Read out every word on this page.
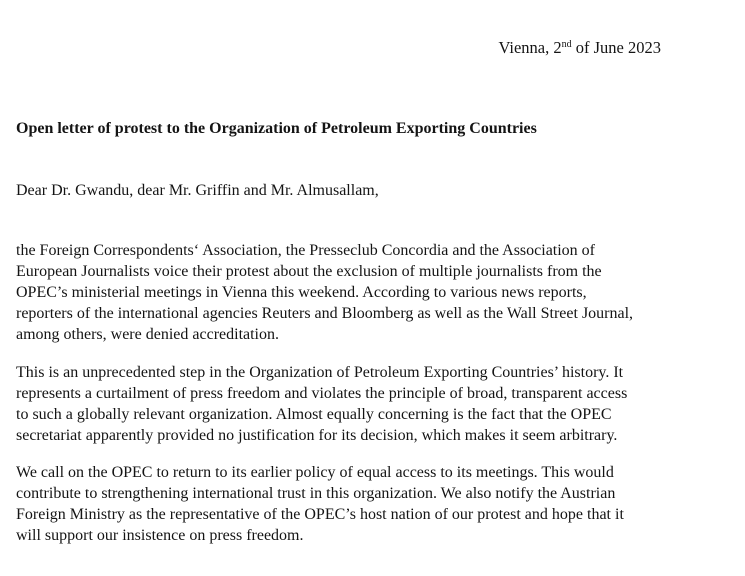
Vienna, 2nd of June 2023
Open letter of protest to the Organization of Petroleum Exporting Countries
Dear Dr. Gwandu, dear Mr. Griffin and Mr. Almusallam,

the Foreign Correspondents‘ Association, the Presseclub Concordia and the Association of
European Journalists voice their protest about the exclusion of multiple journalists from the
OPEC’s ministerial meetings in Vienna this weekend. According to various news reports,
reporters of the international agencies Reuters and Bloomberg as well as the Wall Street Journal,
among others, were denied accreditation.

This is an unprecedented step in the Organization of Petroleum Exporting Countries’ history. It
represents a curtailment of press freedom and violates the principle of broad, transparent access
to such a globally relevant organization. Almost equally concerning is the fact that the OPEC
secretariat apparently provided no justification for its decision, which makes it seem arbitrary.

We call on the OPEC to return to its earlier policy of equal access to its meetings. This would
contribute to strengthening international trust in this organization. We also notify the Austrian
Foreign Ministry as the representative of the OPEC’s host nation of our protest and hope that it
will support our insistence on press freedom.
